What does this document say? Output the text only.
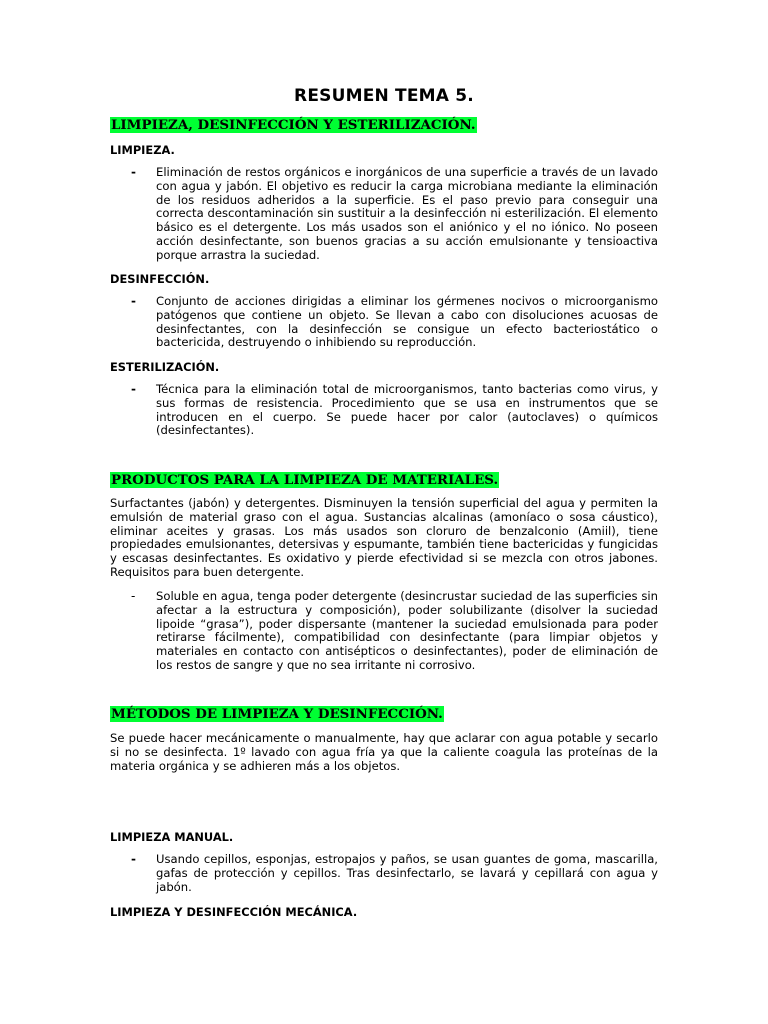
RESUMEN TEMA 5.
LIMPIEZA, DESINFECCIÓN Y ESTERILIZACIÓN.
LIMPIEZA.
- Eliminación de restos orgánicos e inorgánicos de una superficie a través de un lavado con agua y jabón. El objetivo es reducir la carga microbiana mediante la eliminación de los residuos adheridos a la superficie. Es el paso previo para conseguir una correcta descontaminación sin sustituir a la desinfección ni esterilización. El elemento básico es el detergente. Los más usados son el aniónico y el no iónico. No poseen acción desinfectante, son buenos gracias a su acción emulsionante y tensioactiva porque arrastra la suciedad.
DESINFECCIÓN.
- Conjunto de acciones dirigidas a eliminar los gérmenes nocivos o microorganismo patógenos que contiene un objeto. Se llevan a cabo con disoluciones acuosas de desinfectantes, con la desinfección se consigue un efecto bacteriostático o bactericida, destruyendo o inhibiendo su reproducción.
ESTERILIZACIÓN.
- Técnica para la eliminación total de microorganismos, tanto bacterias como virus, y sus formas de resistencia. Procedimiento que se usa en instrumentos que se introducen en el cuerpo. Se puede hacer por calor (autoclaves) o químicos (desinfectantes).
PRODUCTOS PARA LA LIMPIEZA DE MATERIALES.
Surfactantes (jabón) y detergentes. Disminuyen la tensión superficial del agua y permiten la emulsión de material graso con el agua. Sustancias alcalinas (amoníaco o sosa cáustico), eliminar aceites y grasas. Los más usados son cloruro de benzalconio (Amiil), tiene propiedades emulsionantes, detersivas y espumante, también tiene bactericidas y fungicidas y escasas desinfectantes. Es oxidativo y pierde efectividad si se mezcla con otros jabones. Requisitos para buen detergente.
- Soluble en agua, tenga poder detergente (desincrustar suciedad de las superficies sin afectar a la estructura y composición), poder solubilizante (disolver la suciedad lipoide “grasa”), poder dispersante (mantener la suciedad emulsionada para poder retirarse fácilmente), compatibilidad con desinfectante (para limpiar objetos y materiales en contacto con antisépticos o desinfectantes), poder de eliminación de los restos de sangre y que no sea irritante ni corrosivo.
MÉTODOS DE LIMPIEZA Y DESINFECCIÓN.
Se puede hacer mecánicamente o manualmente, hay que aclarar con agua potable y secarlo si no se desinfecta. 1º lavado con agua fría ya que la caliente coagula las proteínas de la materia orgánica y se adhieren más a los objetos.
LIMPIEZA MANUAL.
- Usando cepillos, esponjas, estropajos y paños, se usan guantes de goma, mascarilla, gafas de protección y cepillos. Tras desinfectarlo, se lavará y cepillará con agua y jabón.
LIMPIEZA Y DESINFECCIÓN MECÁNICA.
